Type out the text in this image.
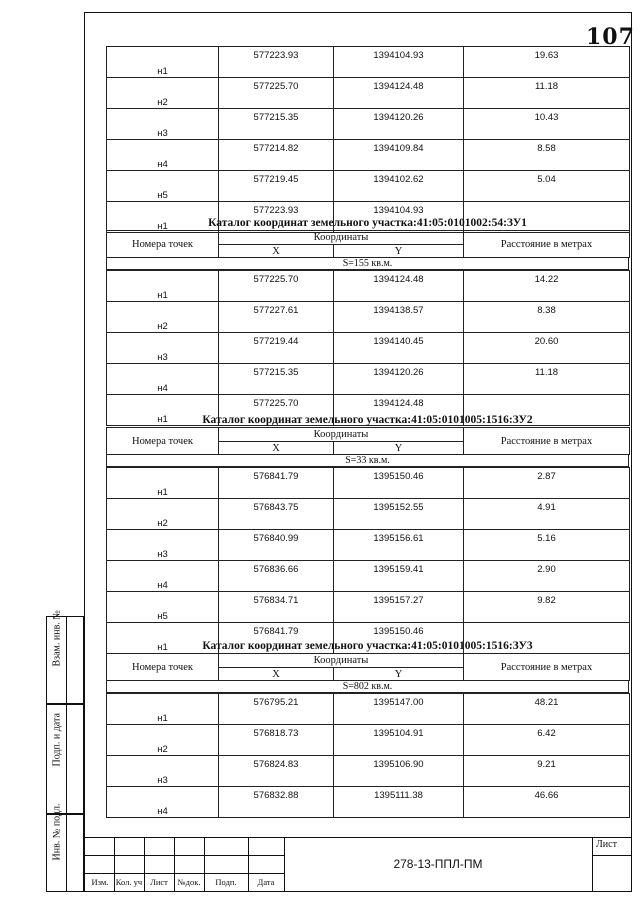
107
н1	577223.93	1394104.93	19.63
н2	577225.70	1394124.48	11.18
н3	577215.35	1394120.26	10.43
н4	577214.82	1394109.84	8.58
н5	577219.45	1394102.62	5.04
н1	577223.93	1394104.93	
Каталог координат земельного участка:41:05:0101002:54:ЗУ1
Номера точек	Координаты		Расстояние в метрах
	X	Y	
S=155 кв.м.
н1	577225.70	1394124.48	14.22
н2	577227.61	1394138.57	8.38
н3	577219.44	1394140.45	20.60
н4	577215.35	1394120.26	11.18
н1	577225.70	1394124.48	
Каталог координат земельного участка:41:05:0101005:1516:ЗУ2
Номера точек	Координаты		Расстояние в метрах
	X	Y	
S=33 кв.м.
н1	576841.79	1395150.46	2.87
н2	576843.75	1395152.55	4.91
н3	576840.99	1395156.61	5.16
н4	576836.66	1395159.41	2.90
н5	576834.71	1395157.27	9.82
н1	576841.79	1395150.46	
Каталог координат земельного участка:41:05:0101005:1516:ЗУ3
Номера точек	Координаты		Расстояние в метрах
	X	Y	
S=802 кв.м.
н1	576795.21	1395147.00	48.21
н2	576818.73	1395104.91	6.42
н3	576824.83	1395106.90	9.21
н4	576832.88	1395111.38	46.66
Взам. инв. №
Подп. и дата
Инв. № подл.
Изм. Кол. уч Лист	№док.	Подп.	Дата
278-13-ППЛ-ПМ
Лист
